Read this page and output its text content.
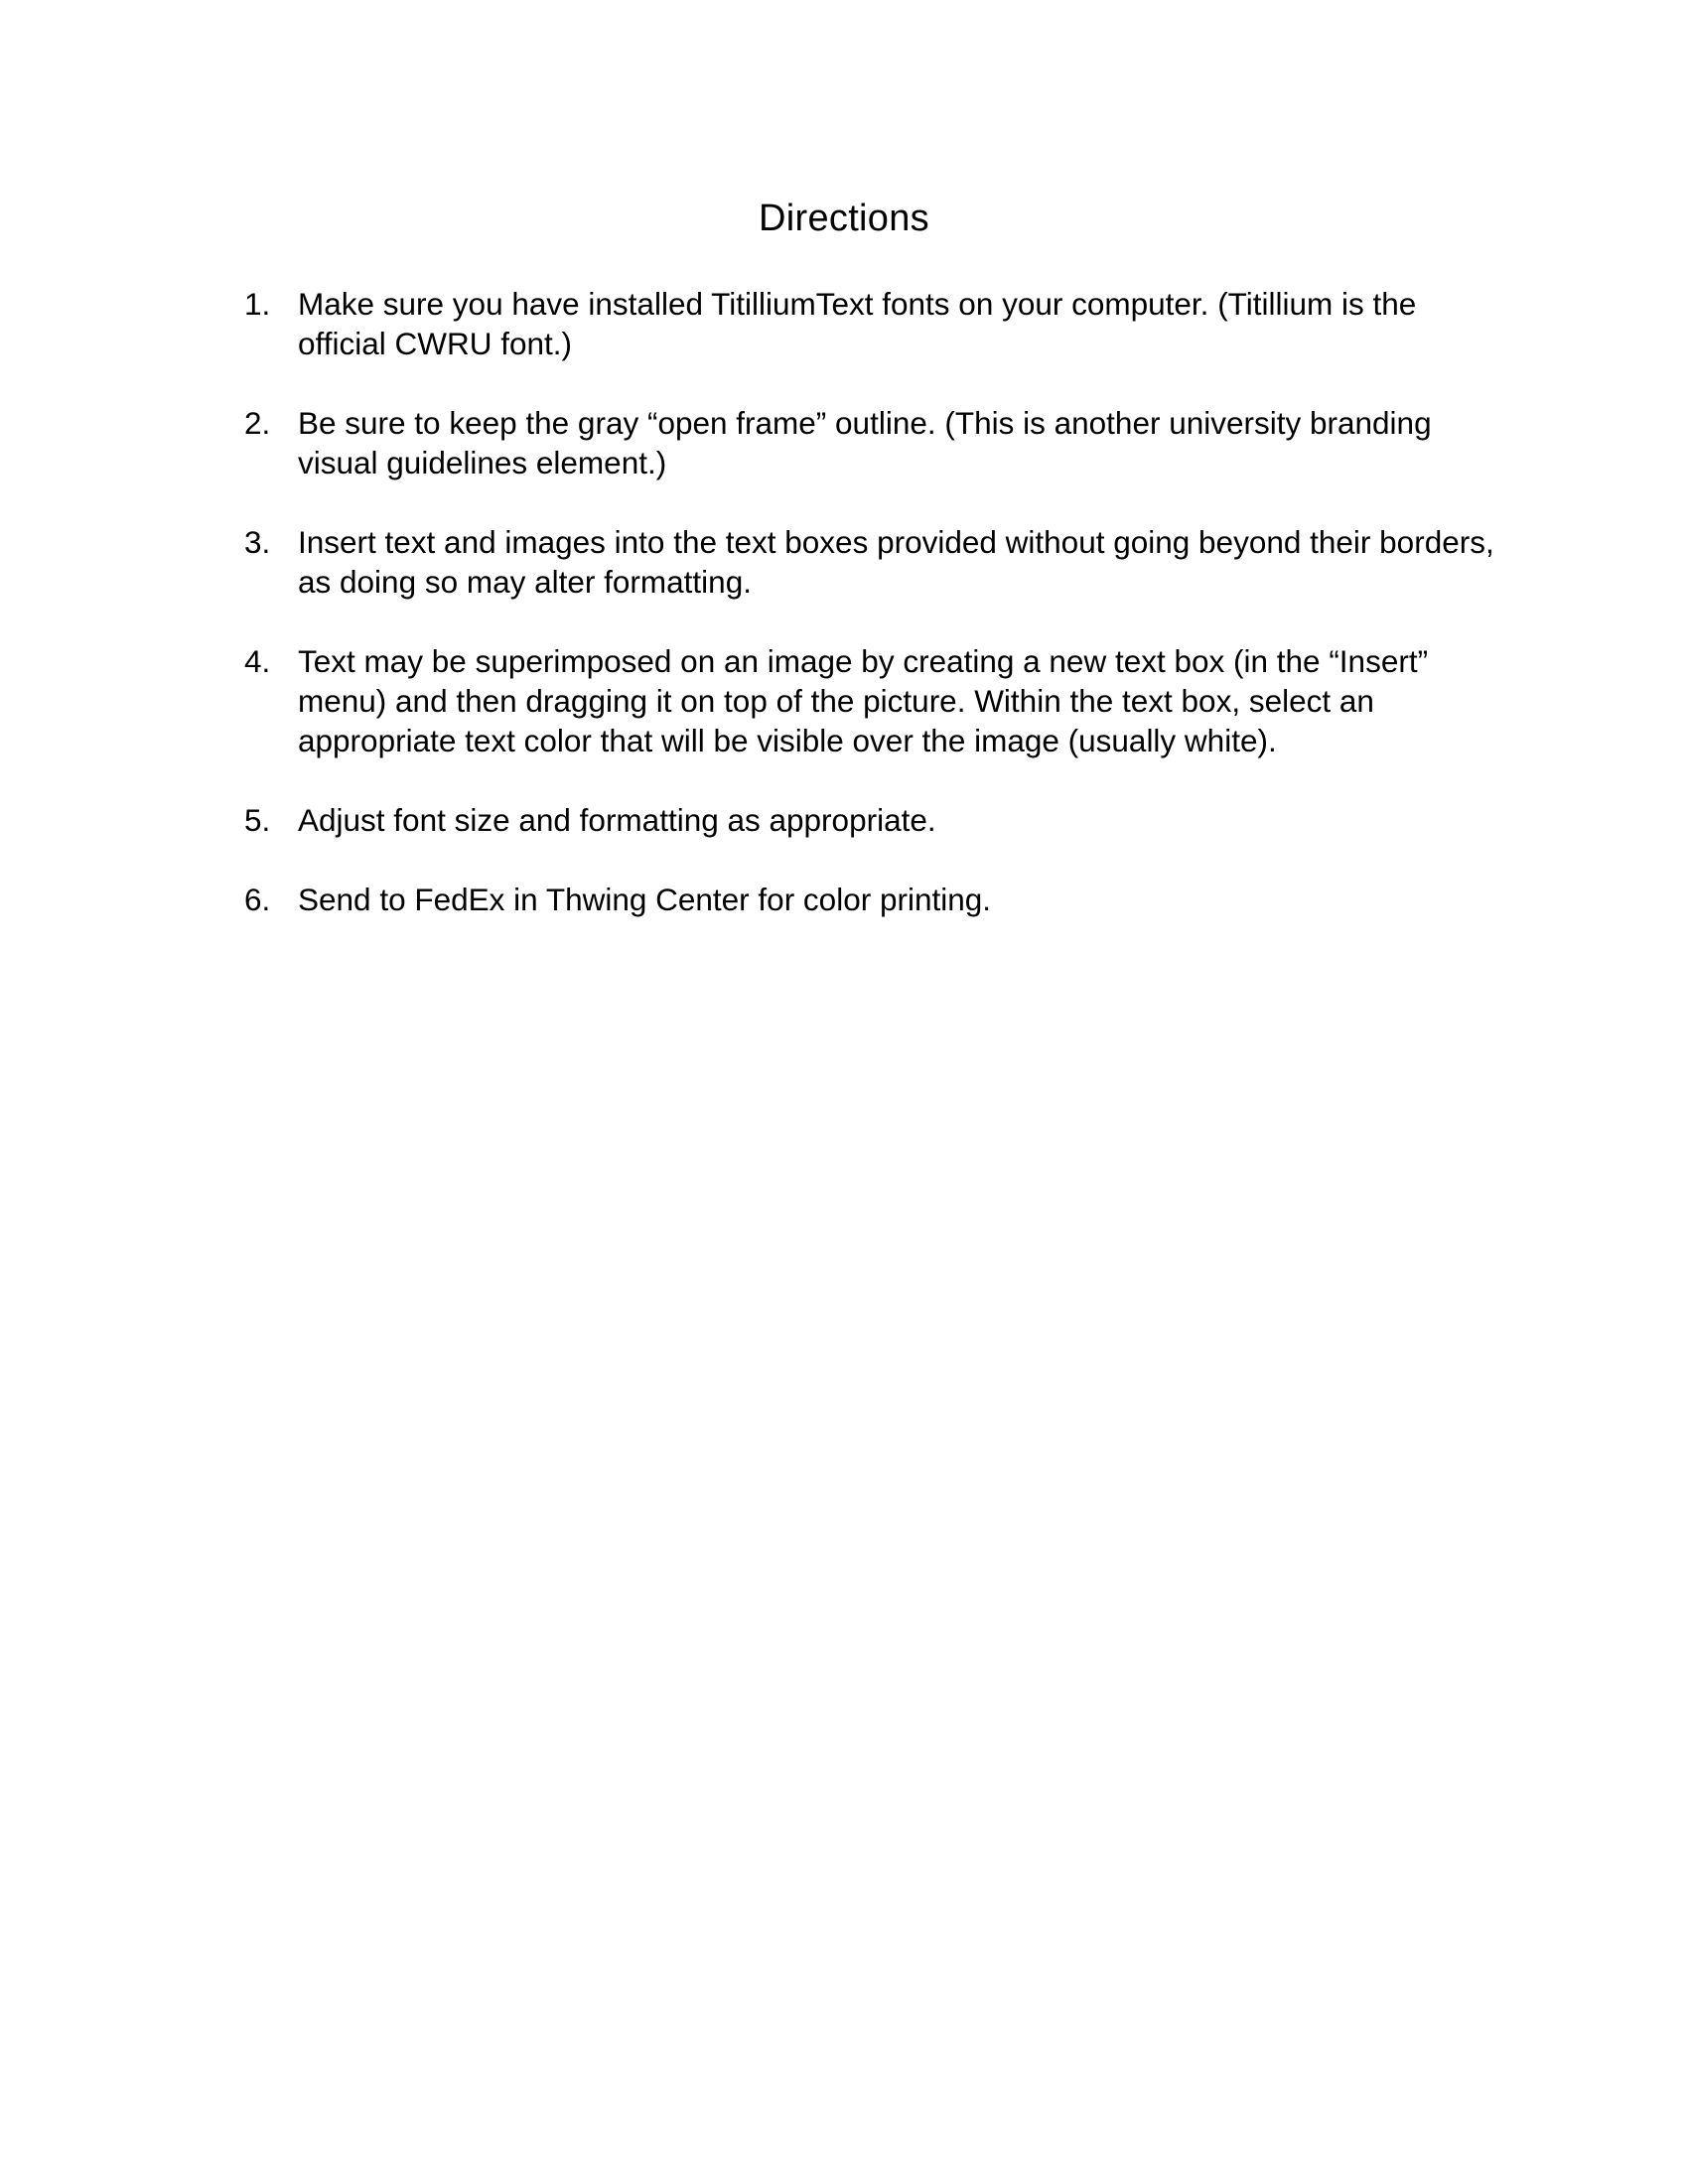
Directions
1. Make sure you have installed TitilliumText fonts on your computer. (Titillium is the official CWRU font.)
2. Be sure to keep the gray “open frame” outline. (This is another university branding visual guidelines element.)
3. Insert text and images into the text boxes provided without going beyond their borders, as doing so may alter formatting.
4. Text may be superimposed on an image by creating a new text box (in the “Insert” menu) and then dragging it on top of the picture. Within the text box, select an appropriate text color that will be visible over the image (usually white).
5. Adjust font size and formatting as appropriate.
6. Send to FedEx in Thwing Center for color printing.
